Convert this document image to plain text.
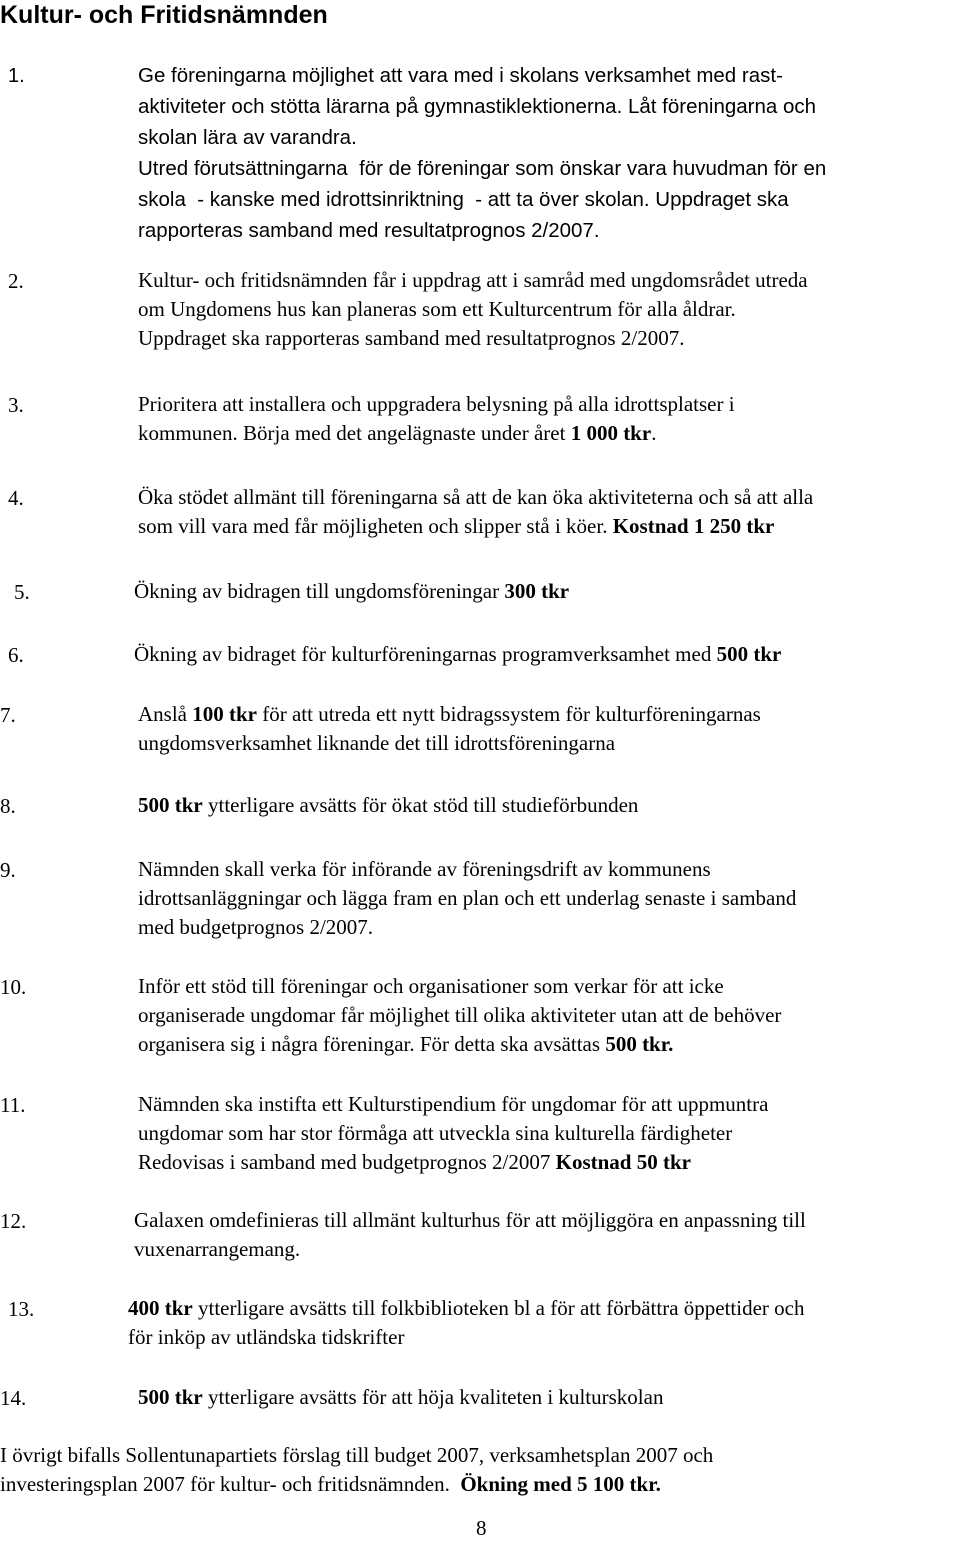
Kultur- och Fritidsnämnden
1.	Ge föreningarna möjlighet att vara med i skolans verksamhet med rast-
aktiviteter och stötta lärarna på gymnastiklektionerna. Låt föreningarna och
skolan lära av varandra.
Utred förutsättningarna  för de föreningar som önskar vara huvudman för en
skola  - kanske med idrottsinriktning  - att ta över skolan. Uppdraget ska
rapporteras samband med resultatprognos 2/2007.
2.	Kultur- och fritidsnämnden får i uppdrag att i samråd med ungdomsrådet utreda
om Ungdomens hus kan planeras som ett Kulturcentrum för alla åldrar.
Uppdraget ska rapporteras samband med resultatprognos 2/2007.
3.	Prioritera att installera och uppgradera belysning på alla idrottsplatser i
kommunen. Börja med det angelägnaste under året 1 000 tkr.
4.	Öka stödet allmänt till föreningarna så att de kan öka aktiviteterna och så att alla
som vill vara med får möjligheten och slipper stå i köer. Kostnad 1 250 tkr
5.	Ökning av bidragen till ungdomsföreningar 300 tkr
6.	Ökning av bidraget för kulturföreningarnas programverksamhet med 500 tkr
7.	Anslå 100 tkr för att utreda ett nytt bidragssystem för kulturföreningarnas
ungdomsverksamhet liknande det till idrottsföreningarna
8.	500 tkr ytterligare avsätts för ökat stöd till studieförbunden
9.	Nämnden skall verka för införande av föreningsdrift av kommunens
idrottsanläggningar och lägga fram en plan och ett underlag senaste i samband
med budgetprognos 2/2007.
10.	Inför ett stöd till föreningar och organisationer som verkar för att icke
organiserade ungdomar får möjlighet till olika aktiviteter utan att de behöver
organisera sig i några föreningar. För detta ska avsättas 500 tkr.
11.	Nämnden ska instifta ett Kulturstipendium för ungdomar för att uppmuntra
ungdomar som har stor förmåga att utveckla sina kulturella färdigheter
Redovisas i samband med budgetprognos 2/2007 Kostnad 50 tkr
12.	Galaxen omdefinieras till allmänt kulturhus för att möjliggöra en anpassning till
vuxenarrangemang.
13.	400 tkr ytterligare avsätts till folkbiblioteken bl a för att förbättra öppettider och
för inköp av utländska tidskrifter
14.	500 tkr ytterligare avsätts för att höja kvaliteten i kulturskolan
I övrigt bifalls Sollentunapartiets förslag till budget 2007, verksamhetsplan 2007 och
investeringsplan 2007 för kultur- och fritidsnämnden.  Ökning med 5 100 tkr.
8
